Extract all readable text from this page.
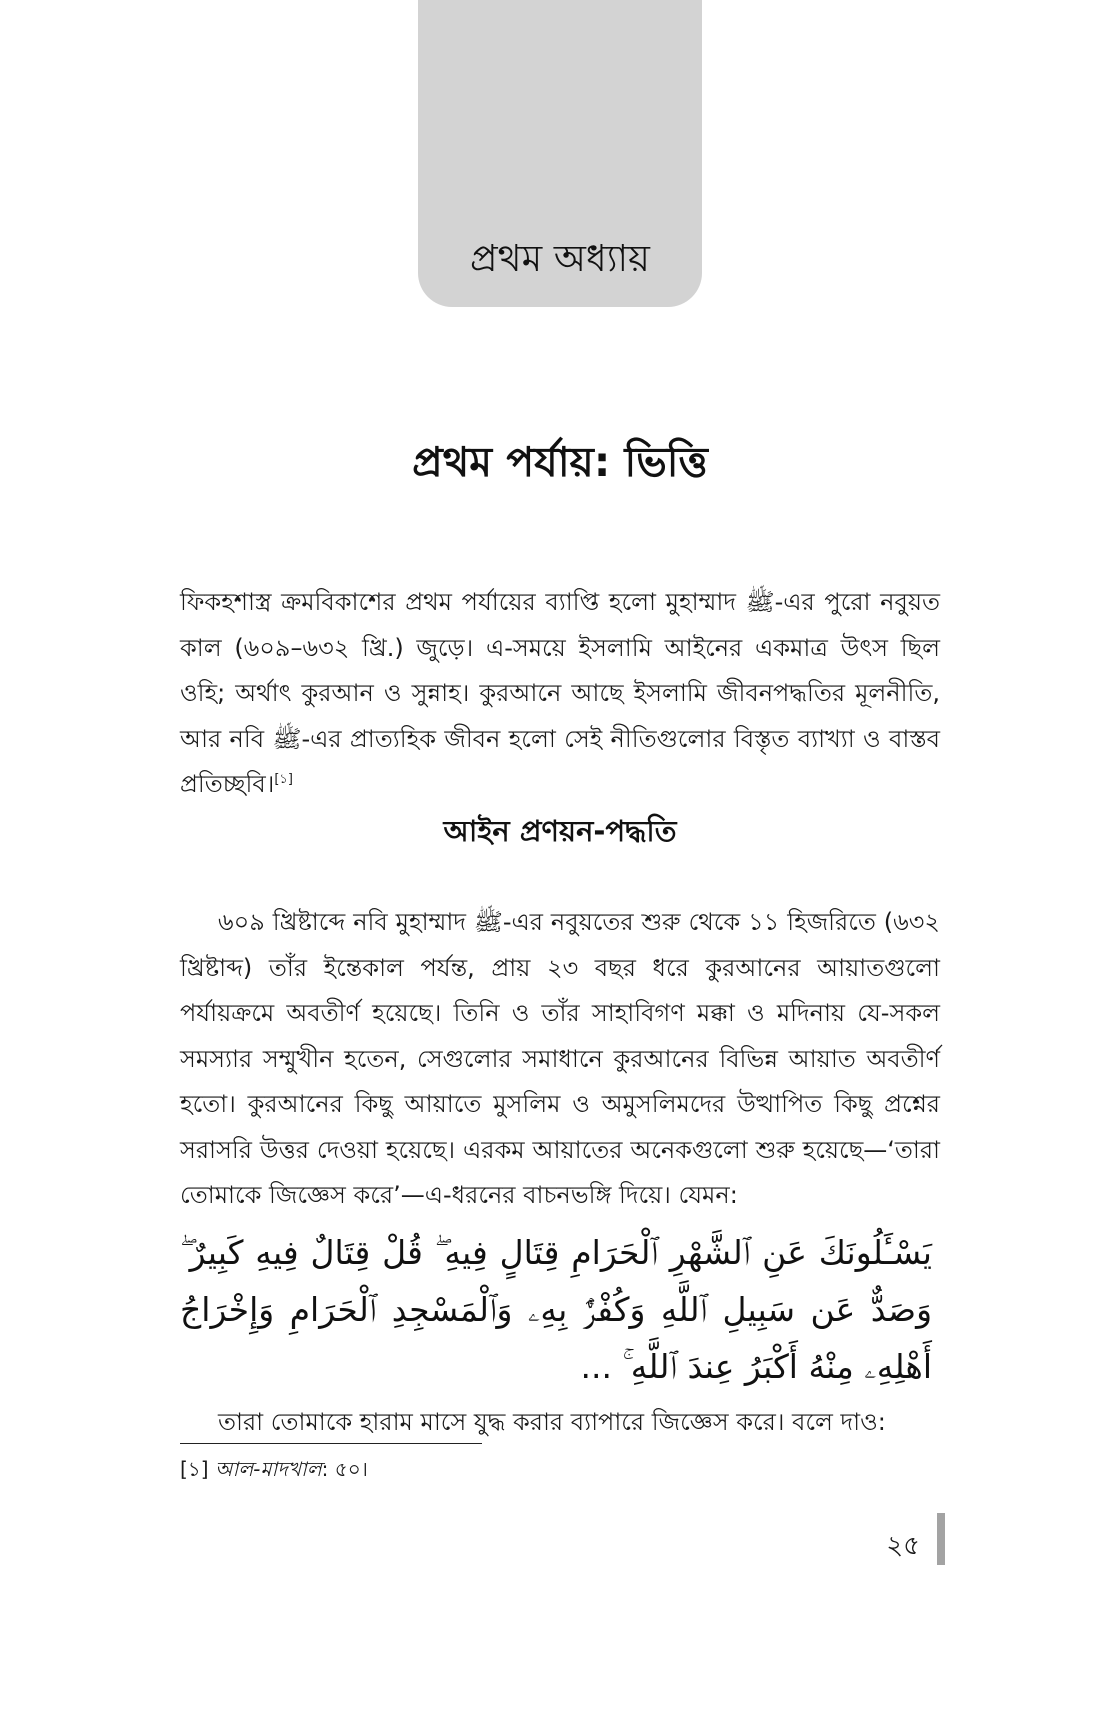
প্রথম অধ্যায়
প্রথম পর্যায়: ভিত্তি

ফিকহশাস্ত্র ক্রমবিকাশের প্রথম পর্যায়ের ব্যাপ্তি হলো মুহাম্মাদ ﷺ-এর পুরো নবুয়ত কাল (৬০৯–৬৩২ খ্রি.) জুড়ে। এ-সময়ে ইসলামি আইনের একমাত্র উৎস ছিল ওহি; অর্থাৎ কুরআন ও সুন্নাহ। কুরআনে আছে ইসলামি জীবনপদ্ধতির মূলনীতি, আর নবি ﷺ-এর প্রাত্যহিক জীবন হলো সেই নীতিগুলোর বিস্তৃত ব্যাখ্যা ও বাস্তব প্রতিচ্ছবি।[১]

আইন প্রণয়ন-পদ্ধতি

৬০৯ খ্রিষ্টাব্দে নবি মুহাম্মাদ ﷺ-এর নবুয়তের শুরু থেকে ১১ হিজরিতে (৬৩২ খ্রিষ্টাব্দ) তাঁর ইন্তেকাল পর্যন্ত, প্রায় ২৩ বছর ধরে কুরআনের আয়াতগুলো পর্যায়ক্রমে অবতীর্ণ হয়েছে। তিনি ও তাঁর সাহাবিগণ মক্কা ও মদিনায় যে-সকল সমস্যার সম্মুখীন হতেন, সেগুলোর সমাধানে কুরআনের বিভিন্ন আয়াত অবতীর্ণ হতো। কুরআনের কিছু আয়াতে মুসলিম ও অমুসলিমদের উত্থাপিত কিছু প্রশ্নের সরাসরি উত্তর দেওয়া হয়েছে। এরকম আয়াতের অনেকগুলো শুরু হয়েছে—‘তারা তোমাকে জিজ্ঞেস করে’—এ-ধরনের বাচনভঙ্গি দিয়ে। যেমন:

يَسْـَٔلُونَكَ عَنِ ٱلشَّهْرِ ٱلْحَرَامِ قِتَالٍ فِيهِ ۖ قُلْ قِتَالٌ فِيهِ كَبِيرٌ ۖ وَصَدٌّ عَن سَبِيلِ ٱللَّهِ وَكُفْرٌۢ بِهِۦ وَٱلْمَسْجِدِ ٱلْحَرَامِ وَإِخْرَاجُ أَهْلِهِۦ مِنْهُ أَكْبَرُ عِندَ ٱللَّهِ ۚ ...

তারা তোমাকে হারাম মাসে যুদ্ধ করার ব্যাপারে জিজ্ঞেস করে। বলে দাও:

[১] আল-মাদখাল: ৫০।
২৫
